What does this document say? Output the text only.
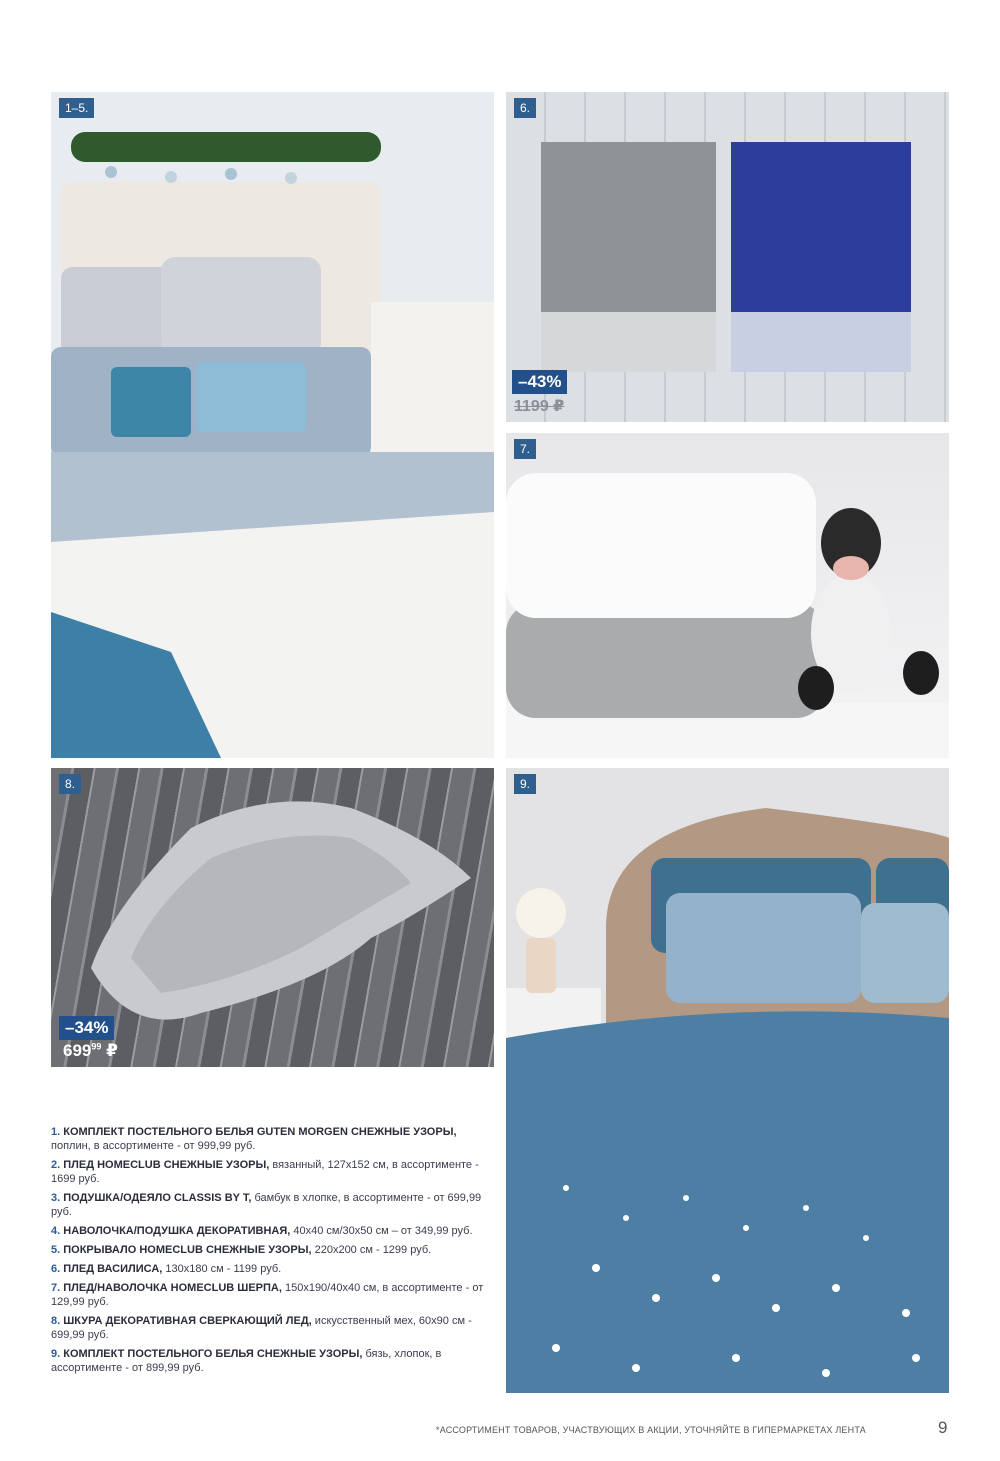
1–5.	6.
–43%
1199 ₽
7.
8.
–34%
$699^{99}$ ₽
9.
1. КОМПЛЕКТ ПОСТЕЛЬНОГО БЕЛЬЯ GUTEN MORGEN СНЕЖНЫЕ УЗОРЫ, поплин, в ассортименте - от 999,99 руб.
2. ПЛЕД HOMECLUB СНЕЖНЫЕ УЗОРЫ, вязанный, 127х152 см, в ассортименте - 1699 руб.
3. ПОДУШКА/ОДЕЯЛО CLASSIS BY T, бамбук в хлопке, в ассортименте - от 699,99 руб.
4. НАВОЛОЧКА/ПОДУШКА ДЕКОРАТИВНАЯ, 40х40 см/30х50 см – от 349,99 руб.
5. ПОКРЫВАЛО HOMECLUB СНЕЖНЫЕ УЗОРЫ, 220х200 см - 1299 руб.
6. ПЛЕД ВАСИЛИСА, 130х180 см - 1199 руб.
7. ПЛЕД/НАВОЛОЧКА HOMECLUB ШЕРПА, 150х190/40х40 см, в ассортименте - от 129,99 руб.
8. ШКУРА ДЕКОРАТИВНАЯ СВЕРКАЮЩИЙ ЛЕД, искусственный мех, 60х90 см - 699,99 руб.
9. КОМПЛЕКТ ПОСТЕЛЬНОГО БЕЛЬЯ СНЕЖНЫЕ УЗОРЫ, бязь, хлопок, в ассортименте - от 899,99 руб.
*АССОРТИМЕНТ ТОВАРОВ, УЧАСТВУЮЩИХ В АКЦИИ, УТОЧНЯЙТЕ В ГИПЕРМАРКЕТАХ ЛЕНТА	9
